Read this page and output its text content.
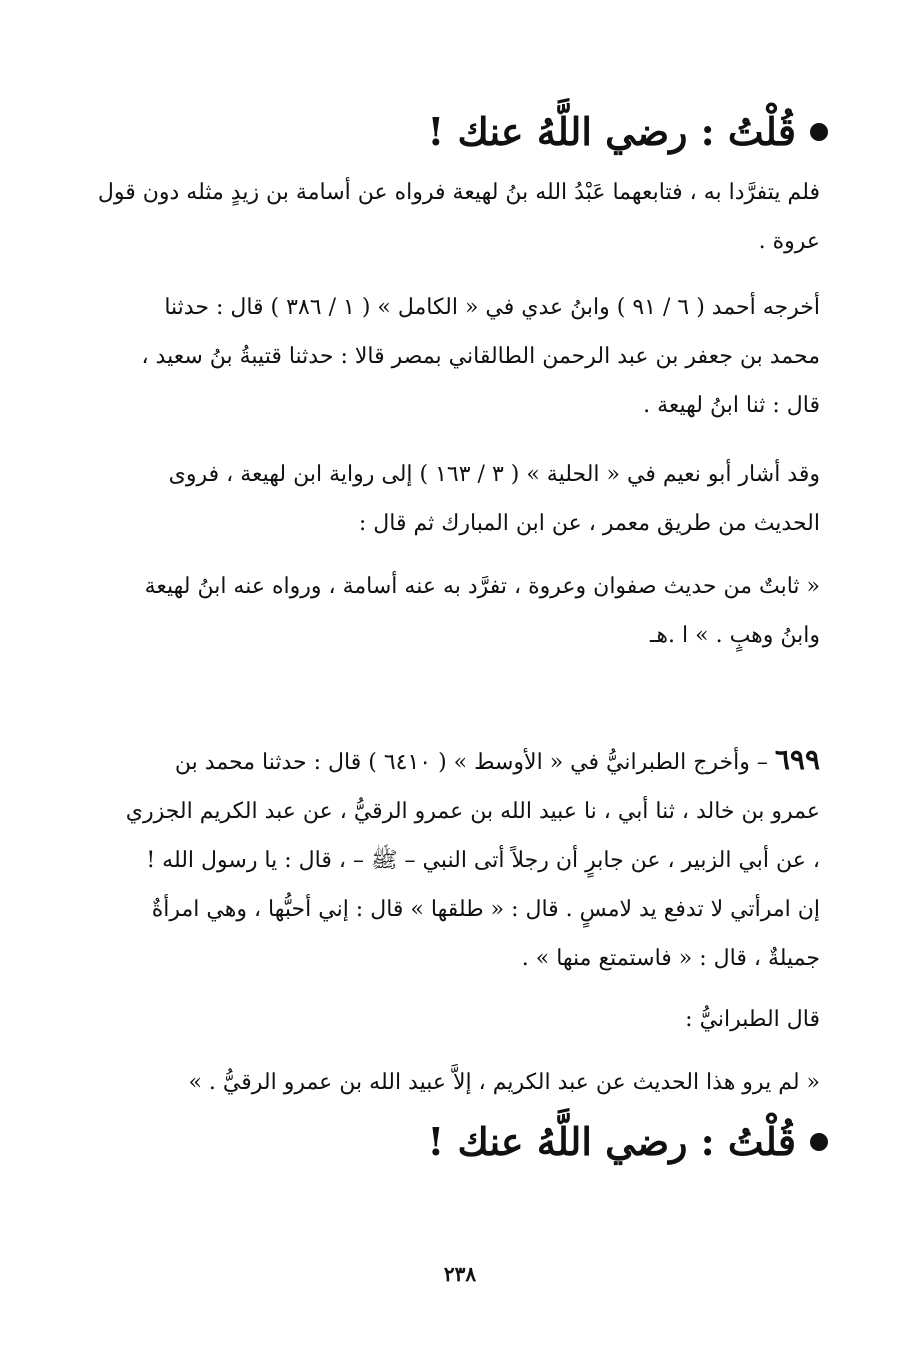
قُلْتُ : رضي اللَّهُ عنك !
فلم يتفرَّدا به ، فتابعهما عَبْدُ الله بنُ لهيعة فرواه عن أسامة بن زيدٍ مثله دون قول
عروة .
أخرجه أحمد ( ٦ / ٩١ ) وابنُ عدي في « الكامل » ( ١ / ٣٨٦ ) قال : حدثنا
محمد بن جعفر بن عبد الرحمن الطالقاني بمصر قالا : حدثنا قتيبةُ بنُ سعيد ،
قال : ثنا ابنُ لهيعة .
وقد أشار أبو نعيم في « الحلية » ( ٣ / ١٦٣ ) إلى رواية ابن لهيعة ، فروى
الحديث من طريق معمر ، عن ابن المبارك ثم قال :
« ثابتٌ من حديث صفوان وعروة ، تفرَّد به عنه أسامة ، ورواه عنه ابنُ لهيعة
وابنُ وهبٍ . » ا .هـ
٦٩٩ – وأخرج الطبرانيُّ في « الأوسط » ( ٦٤١٠ ) قال : حدثنا محمد بن
عمرو بن خالد ، ثنا أبي ، نا عبيد الله بن عمرو الرقيُّ ، عن عبد الكريم الجزري
، عن أبي الزبير ، عن جابرٍ أن رجلاً أتى النبي – ﷺ – ، قال : يا رسول الله !
إن امرأتي لا تدفع يد لامسٍ . قال : « طلقها » قال : إني أحبُّها ، وهي امرأةٌ
جميلةٌ ، قال : « فاستمتع منها » .
قال الطبرانيُّ :
« لم يرو هذا الحديث عن عبد الكريم ، إلاَّ عبيد الله بن عمرو الرقيُّ . »
قُلْتُ : رضي اللَّهُ عنك !
٢٣٨
